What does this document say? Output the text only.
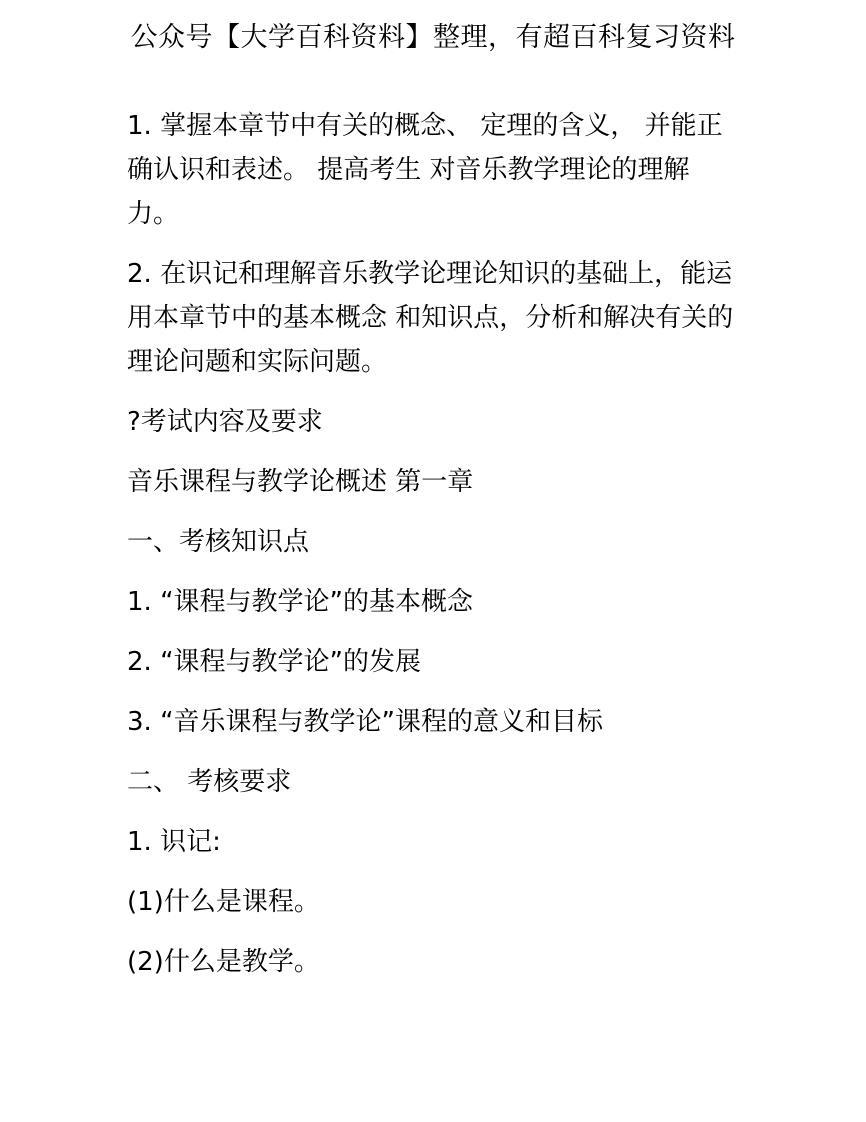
公众号【大学百科资料】整理，有超百科复习资料
1. 掌握本章节中有关的概念、 定理的含义， 并能正确认识和表述。 提高考生 对音乐教学理论的理解力。
2. 在识记和理解音乐教学论理论知识的基础上，能运用本章节中的基本概念 和知识点，分析和解决有关的理论问题和实际问题。
?考试内容及要求
音乐课程与教学论概述 第一章
一、考核知识点
1. “课程与教学论”的基本概念
2. “课程与教学论”的发展
3. “音乐课程与教学论”课程的意义和目标
二、 考核要求
1. 识记:
(1)什么是课程。
(2)什么是教学。
